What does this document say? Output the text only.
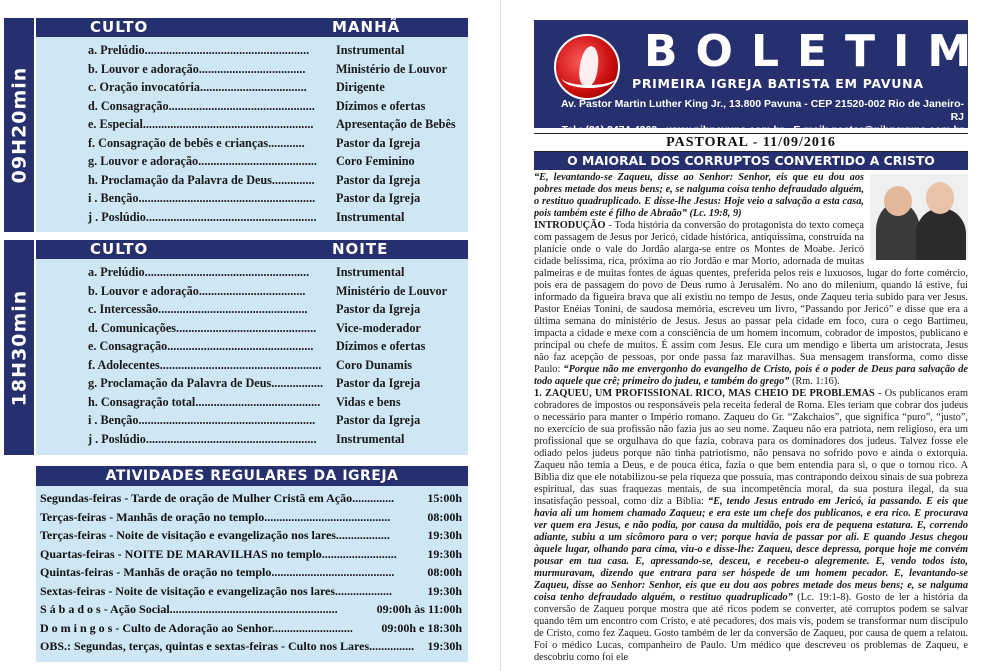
09H20min
CULTO	MANHÃ
a. Prelúdio......................................................	Instrumental
b. Louvor e adoração...................................	Ministério de Louvor
c. Oração invocatória...................................	Dirigente
d. Consagração................................................	Dízimos e ofertas
e. Especial........................................................	Apresentação de Bebês
f. Consagração de bebês e crianças............	Pastor da Igreja
g. Louvor e adoração.......................................	Coro Feminino
h. Proclamação da Palavra de Deus..............	Pastor da Igreja
i . Benção..........................................................	Pastor da Igreja
j . Poslúdio........................................................	Instrumental
18H30min
CULTO	NOITE
a. Prelúdio......................................................	Instrumental
b. Louvor e adoração...................................	Ministério de Louvor
c. Intercessão.................................................	Pastor da Igreja
d. Comunicações..............................................	Vice-moderador
e. Consagração................................................	Dízimos e ofertas
f. Adolecentes.....................................................	Coro Dunamis
g. Proclamação da Palavra de Deus.................	Pastor da Igreja
h. Consagração total.........................................	Vidas e bens
i . Benção..........................................................	Pastor da Igreja
j . Poslúdio........................................................	Instrumental
ATIVIDADES REGULARES DA IGREJA
Segundas-feiras - Tarde de oração de Mulher Cristã em Ação..............	15:00h
Terças-feiras - Manhãs de oração no templo..........................................	08:00h
Terças-feiras - Noite de visitação e evangelização nos lares..................	19:30h
Quartas-feiras - NOITE DE MARAVILHAS no templo.........................	19:30h
Quintas-feiras - Manhãs de oração no templo.........................................	08:00h
Sextas-feiras - Noite de visitação e evangelização nos lares...................	19:30h
S á b a d o s - Ação Social........................................................	09:00h às 11:00h
D o m i n g o s - Culto de Adoração ao Senhor........................... 09:00h e 18:30h
OBS.: Segundas, terças, quintas e sextas-feiras - Culto nos Lares............... 19:30h
BOLETIM
PRIMEIRA IGREJA BATISTA EM PAVUNA
Av. Pastor Martin Luther King Jr., 13.800 Pavuna - CEP 21520-002 Rio de Janeiro-RJ
Tel.: (21) 2474-4369 - www.pibpavuna.com.br - E-mail: pastor@pibpavuna.com.br
PASTORAL - 11/09/2016
O MAIORAL DOS CORRUPTOS CONVERTIDO A CRISTO

“E, levantando-se Zaqueu, disse ao Senhor: Senhor, eis que eu dou aos pobres metade dos meus bens; e, se nalguma coisa tenho defraudado alguém, o restituo quadruplicado. E disse-lhe Jesus: Hoje veio a salvação a esta casa, pois também este é filho de Abraão” (Lc. 19:8, 9)

INTRODUÇÃO - Toda história da conversão do protagonista do texto começa com passagem de Jesus por Jericó, cidade histórica, antiquíssima, construída na planície onde o vale do Jordão alarga-se entre os Montes de Moabe. Jericó cidade belíssima, rica, próxima ao rio Jordão e mar Morto, adornada de muitas palmeiras e de muitas fontes de águas quentes, preferida pelos reis e luxuosos, lugar do forte comércio, pois era de passagem do povo de Deus rumo à Jerusalém. No ano do milenium, quando lá estive, fui informado da figueira brava que ali existiu no tempo de Jesus, onde Zaqueu teria subido para ver Jesus. Pastor Enéias Tonini, de saudosa memória, escreveu um livro, “Passando por Jericó” e disse que era a última semana do ministério de Jesus. Jesus ao passar pela cidade em foco, cura o cego Bartimeu, impacta a cidade e mexe com a consciência de um homem incomum, cobrador de impostos, publicano e principal ou chefe de muitos. É assim com Jesus. Ele cura um mendigo e liberta um aristocrata, Jesus não faz acepção de pessoas, por onde passa faz maravilhas. Sua mensagem transforma, como disse Paulo: “Porque não me envergonho do evangelho de Cristo, pois é o poder de Deus para salvação de todo aquele que crê; primeiro do judeu, e também do grego” (Rm. 1:16).

1. ZAQUEU, UM PROFISSIONAL RICO, MAS CHEIO DE PROBLEMAS - Os publicanos eram cobradores de impostos ou responsáveis pela receita federal de Roma. Eles teriam que cobrar dos judeus o necessário para manter o Império romano. Zaqueu do Gr. “Zakchaios”, que significa “puro”, “justo”, no exercício de sua profissão não fazia jus ao seu nome. Zaqueu não era patriota, nem religioso, era um profissional que se orgulhava do que fazia, cobrava para os dominadores dos judeus. Talvez fosse ele odiado pelos judeus porque não tinha patriotismo, não pensava no sofrido povo e ainda o extorquia. Zaqueu não temia a Deus, e de pouca ética, fazia o que bem entendia para si, o que o tornou rico. A Bíblia diz que ele notabilizou-se pela riqueza que possuía, mas contrapondo deixou sinais de sua pobreza espiritual, das suas fraquezas mentais, de sua incompetência moral, da sua postura ilegal, da sua insatisfação pessoal, como diz a Bíblia: “E, tendo Jesus entrado em Jericó, ia passando. E eis que havia ali um homem chamado Zaqueu; e era este um chefe dos publicanos, e era rico. E procurava ver quem era Jesus, e não podia, por causa da multidão, pois era de pequena estatura. E, correndo adiante, subiu a um sicômoro para o ver; porque havia de passar por ali. E quando Jesus chegou àquele lugar, olhando para cima, viu-o e disse-lhe: Zaqueu, desce depressa, porque hoje me convém pousar em tua casa. E, apressando-se, desceu, e recebeu-o alegremente. E, vendo todos isto, murmuravam, dizendo que entrara para ser hóspede de um homem pecador. E, levantando-se Zaqueu, disse ao Senhor: Senhor, eis que eu dou aos pobres metade dos meus bens; e, se nalguma coisa tenho defraudado alguém, o restituo quadruplicado” (Lc. 19:1-8). Gosto de ler a história da conversão de Zaqueu porque mostra que até ricos podem se converter, até corruptos podem se salvar quando têm um encontro com Cristo, e até pecadores, dos mais vis, podem se transformar num discípulo de Cristo, como fez Zaqueu. Gosto também de ler da conversão de Zaqueu, por causa de quem a relatou. Foi o médico Lucas, companheiro de Paulo. Um médico que descreveu os problemas de Zaqueu, e descobriu como foi ele
